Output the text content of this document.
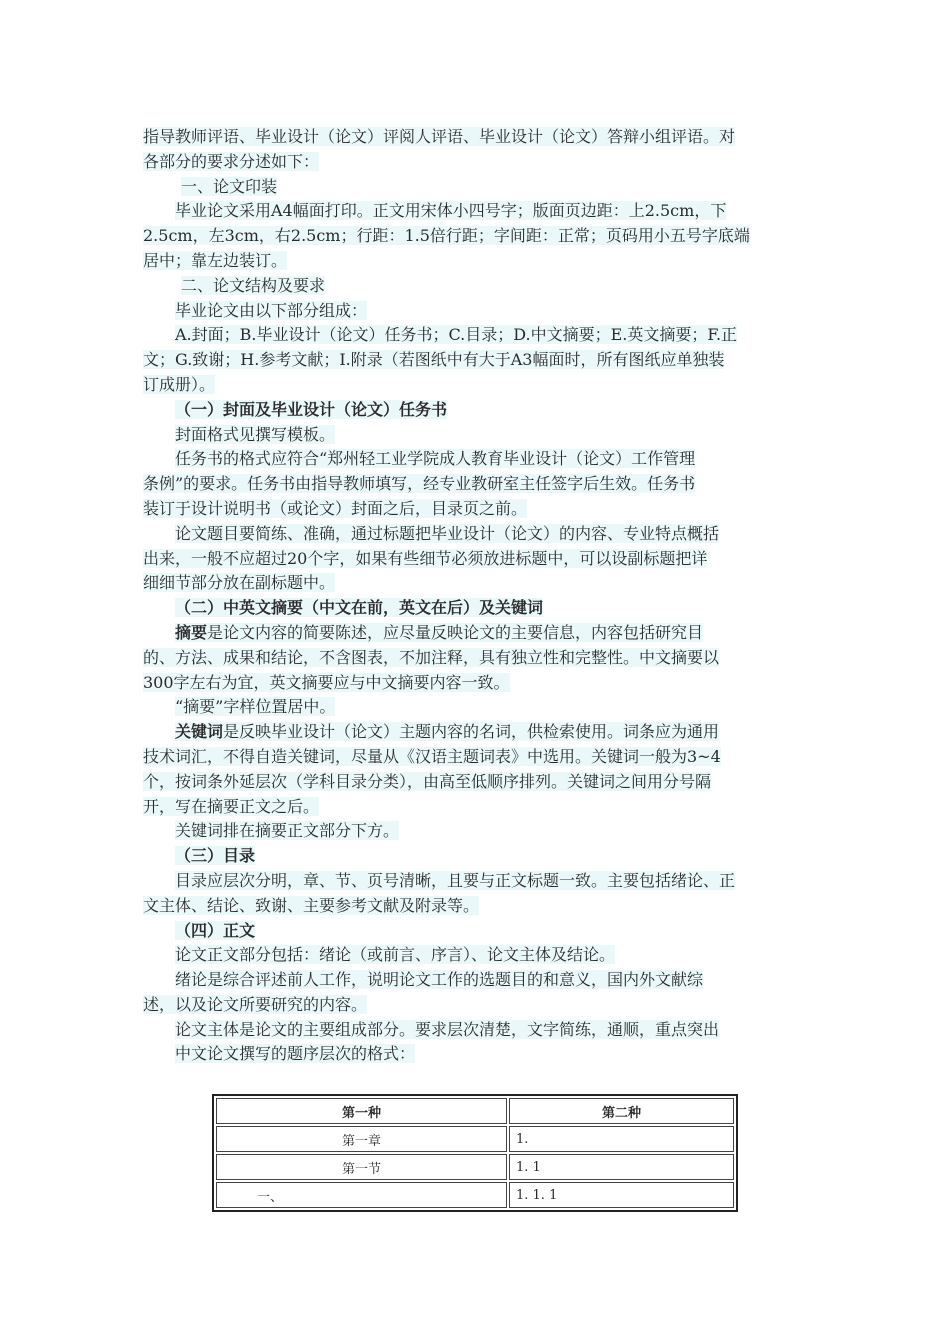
指导教师评语、毕业设计（论文）评阅人评语、毕业设计（论文）答辩小组评语。对
各部分的要求分述如下：
一、论文印装
毕业论文采用A4幅面打印。正文用宋体小四号字；版面页边距：上2.5cm，下
2.5cm，左3cm，右2.5cm；行距：1.5倍行距；字间距：正常；页码用小五号字底端
居中；靠左边装订。
二、论文结构及要求
毕业论文由以下部分组成：
A.封面；B.毕业设计（论文）任务书；C.目录；D.中文摘要；E.英文摘要；F.正
文；G.致谢；H.参考文献；I.附录（若图纸中有大于A3幅面时，所有图纸应单独装
订成册）。
（一）封面及毕业设计（论文）任务书
封面格式见撰写模板。
任务书的格式应符合“郑州轻工业学院成人教育毕业设计（论文）工作管理
条例”的要求。任务书由指导教师填写，经专业教研室主任签字后生效。任务书
装订于设计说明书（或论文）封面之后，目录页之前。
论文题目要简练、准确，通过标题把毕业设计（论文）的内容、专业特点概括
出来，一般不应超过20个字，如果有些细节必须放进标题中，可以设副标题把详
细细节部分放在副标题中。
（二）中英文摘要（中文在前，英文在后）及关键词
摘要是论文内容的简要陈述，应尽量反映论文的主要信息，内容包括研究目
的、方法、成果和结论，不含图表，不加注释，具有独立性和完整性。中文摘要以
300字左右为宜，英文摘要应与中文摘要内容一致。
“摘要”字样位置居中。
关键词是反映毕业设计（论文）主题内容的名词，供检索使用。词条应为通用
技术词汇，不得自造关键词，尽量从《汉语主题词表》中选用。关键词一般为3~4
个，按词条外延层次（学科目录分类），由高至低顺序排列。关键词之间用分号隔
开，写在摘要正文之后。
关键词排在摘要正文部分下方。
（三）目录
目录应层次分明，章、节、页号清晰，且要与正文标题一致。主要包括绪论、正
文主体、结论、致谢、主要参考文献及附录等。
（四）正文
论文正文部分包括：绪论（或前言、序言）、论文主体及结论。
绪论是综合评述前人工作，说明论文工作的选题目的和意义，国内外文献综
述，以及论文所要研究的内容。
论文主体是论文的主要组成部分。要求层次清楚，文字简练，通顺，重点突出
中文论文撰写的题序层次的格式：
第一种	第二种
第一章	1.
第一节	1. 1
一、	1. 1. 1
